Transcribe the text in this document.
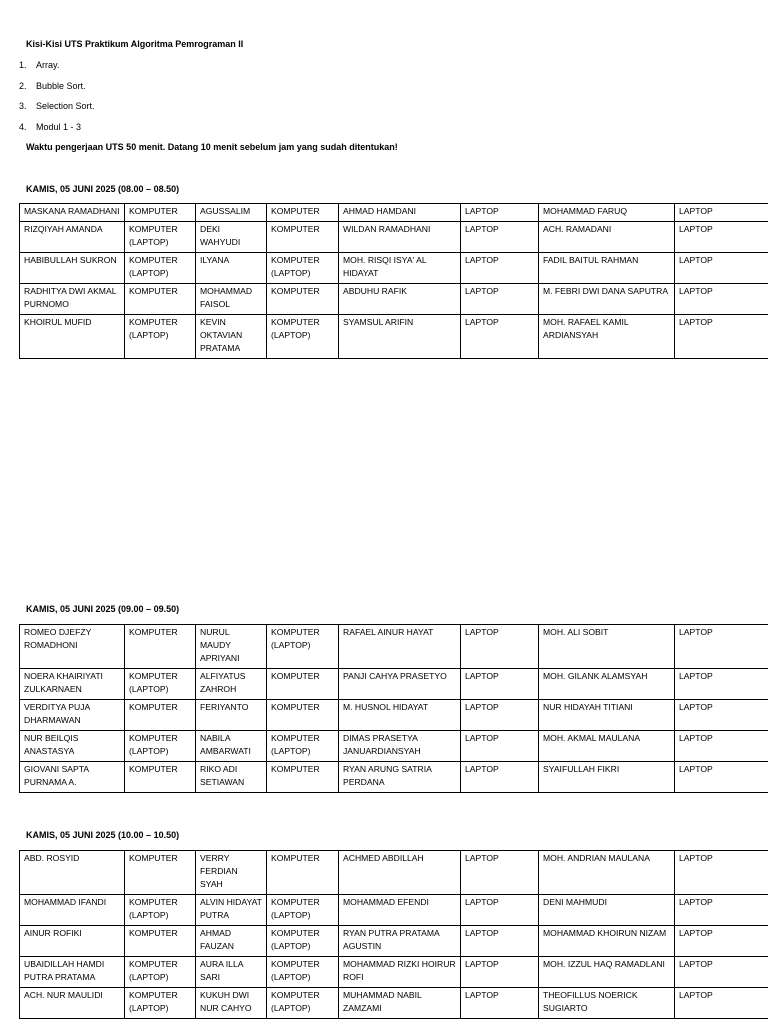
Kisi-Kisi UTS Praktikum Algoritma Pemrograman II
1.	Array.
2.	Bubble Sort.
3.	Selection Sort.
4.	Modul 1 - 3
Waktu pengerjaan UTS 50 menit. Datang 10 menit sebelum jam yang sudah ditentukan!
KAMIS, 05 JUNI 2025 (08.00 – 08.50)
MASKANA RAMADHANI	KOMPUTER	AGUSSALIM	KOMPUTER	AHMAD HAMDANI	LAPTOP	MOHAMMAD FARUQ	LAPTOP
RIZQIYAH AMANDA	KOMPUTER (LAPTOP)	DEKI WAHYUDI	KOMPUTER	WILDAN RAMADHANI	LAPTOP	ACH. RAMADANI	LAPTOP
HABIBULLAH SUKRON	KOMPUTER (LAPTOP)	ILYANA	KOMPUTER (LAPTOP)	MOH. RISQI ISYA' AL HIDAYAT	LAPTOP	FADIL BAITUL RAHMAN	LAPTOP
RADHITYA DWI AKMAL PURNOMO	KOMPUTER	MOHAMMAD FAISOL	KOMPUTER	ABDUHU RAFIK	LAPTOP	M. FEBRI DWI DANA SAPUTRA	LAPTOP
KHOIRUL MUFID	KOMPUTER (LAPTOP)	KEVIN OKTAVIAN PRATAMA	KOMPUTER (LAPTOP)	SYAMSUL ARIFIN	LAPTOP	MOH. RAFAEL KAMIL ARDIANSYAH	LAPTOP
KAMIS, 05 JUNI 2025 (09.00 – 09.50)
ROMEO DJEFZY ROMADHONI	KOMPUTER	NURUL MAUDY APRIYANI	KOMPUTER (LAPTOP)	RAFAEL AINUR HAYAT	LAPTOP	MOH. ALI SOBIT	LAPTOP
NOERA KHAIRIYATI ZULKARNAEN	KOMPUTER (LAPTOP)	ALFIYATUS ZAHROH	KOMPUTER	PANJI CAHYA PRASETYO	LAPTOP	MOH. GILANK ALAMSYAH	LAPTOP
VERDITYA PUJA DHARMAWAN	KOMPUTER	FERIYANTO	KOMPUTER	M. HUSNOL HIDAYAT	LAPTOP	NUR HIDAYAH TITIANI	LAPTOP
NUR BEILQIS ANASTASYA	KOMPUTER (LAPTOP)	NABILA AMBARWATI	KOMPUTER (LAPTOP)	DIMAS PRASETYA JANUARDIANSYAH	LAPTOP	MOH. AKMAL MAULANA	LAPTOP
GIOVANI SAPTA PURNAMA A.	KOMPUTER	RIKO ADI SETIAWAN	KOMPUTER	RYAN ARUNG SATRIA PERDANA	LAPTOP	SYAIFULLAH FIKRI	LAPTOP
KAMIS, 05 JUNI 2025 (10.00 – 10.50)
ABD. ROSYID	KOMPUTER	VERRY FERDIAN SYAH	KOMPUTER	ACHMED ABDILLAH	LAPTOP	MOH. ANDRIAN MAULANA	LAPTOP
MOHAMMAD IFANDI	KOMPUTER (LAPTOP)	ALVIN HIDAYAT PUTRA	KOMPUTER (LAPTOP)	MOHAMMAD EFENDI	LAPTOP	DENI MAHMUDI	LAPTOP
AINUR ROFIKI	KOMPUTER	AHMAD FAUZAN	KOMPUTER (LAPTOP)	RYAN PUTRA PRATAMA AGUSTIN	LAPTOP	MOHAMMAD KHOIRUN NIZAM	LAPTOP
UBAIDILLAH HAMDI PUTRA PRATAMA	KOMPUTER (LAPTOP)	AURA ILLA SARI	KOMPUTER (LAPTOP)	MOHAMMAD RIZKI HOIRUR ROFI	LAPTOP	MOH. IZZUL HAQ RAMADLANI	LAPTOP
ACH. NUR MAULIDI	KOMPUTER (LAPTOP)	KUKUH DWI NUR CAHYO	KOMPUTER (LAPTOP)	MUHAMMAD NABIL ZAMZAMI	LAPTOP	THEOFILLUS NOERICK SUGIARTO	LAPTOP
